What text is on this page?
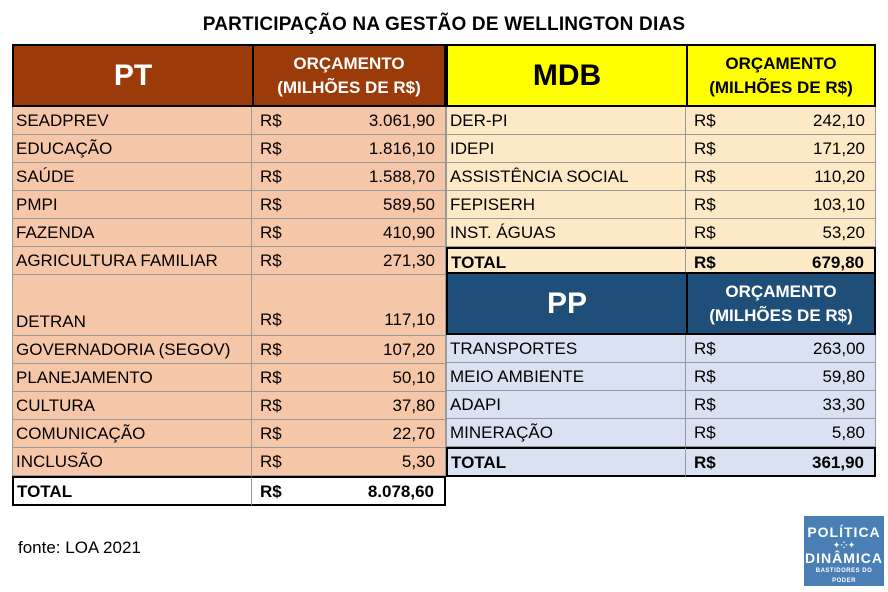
PARTICIPAÇÃO NA GESTÃO DE WELLINGTON DIAS
PT	ORÇAMENTO
(MILHÕES DE R$)
SEADPREV	R$	3.061,90
EDUCAÇÃO	R$	1.816,10
SAÚDE	R$	1.588,70
PMPI	R$	589,50
FAZENDA	R$	410,90
AGRICULTURA FAMILIAR	R$	271,30
DETRAN	R$	117,10
GOVERNADORIA (SEGOV)	R$	107,20
PLANEJAMENTO	R$	50,10
CULTURA	R$	37,80
COMUNICAÇÃO	R$	22,70
INCLUSÃO	R$	5,30
TOTAL	R$	8.078,60
MDB	ORÇAMENTO
(MILHÕES DE R$)
DER-PI	R$	242,10
IDEPI	R$	171,20
ASSISTÊNCIA SOCIAL	R$	110,20
FEPISERH	R$	103,10
INST. ÁGUAS	R$	53,20
TOTAL	R$	679,80
PP	ORÇAMENTO
(MILHÕES DE R$)
TRANSPORTES	R$	263,00
MEIO AMBIENTE	R$	59,80
ADAPI	R$	33,30
MINERAÇÃO	R$	5,80
TOTAL	R$	361,90
fonte: LOA 2021
POLÍTICA
✦⁘✦
DINÂMICA
BASTIDORES DO PODER
